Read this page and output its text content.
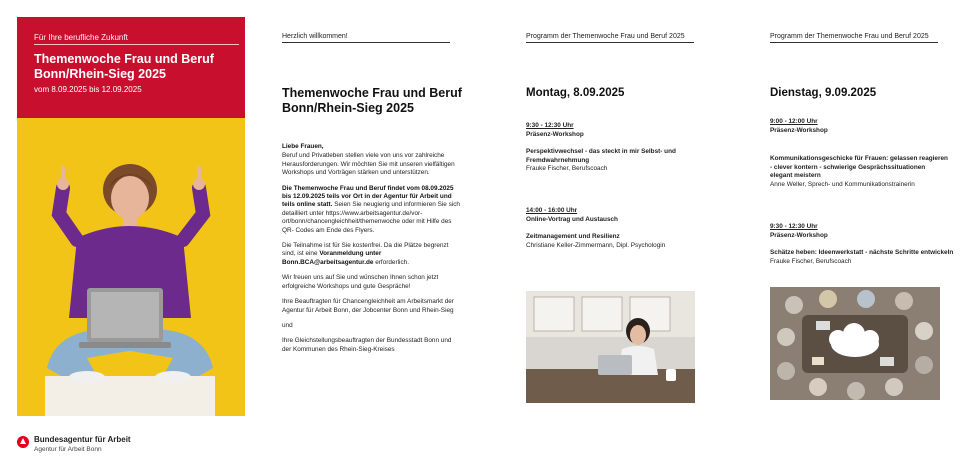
Für Ihre berufliche Zukunft
Themenwoche Frau und Beruf Bonn/Rhein-Sieg 2025
vom 8.09.2025 bis 12.09.2025
Bundesagentur für Arbeit
Agentur für Arbeit Bonn
Herzlich willkommen!
Themenwoche Frau und Beruf Bonn/Rhein-Sieg 2025

Liebe Frauen,

Beruf und Privatleben stellen viele von uns vor zahlreiche Herausforderungen. Wir möchten Sie mit unseren vielfältigen Workshops und Vorträgen stärken und unterstützen.

Die Themenwoche Frau und Beruf findet vom 08.09.2025 bis 12.09.2025 teils vor Ort in der Agentur für Arbeit und teils online statt. Seien Sie neugierig und informieren Sie sich detailliert unter https://www.arbeitsagentur.de/vor-ort/bonn/chancengleichheit/themenwoche oder mit Hilfe des QR- Codes am Ende des Flyers.

Die Teilnahme ist für Sie kostenfrei. Da die Plätze begrenzt sind, ist eine Voranmeldung unter Bonn.BCA@arbeitsagentur.de erforderlich.

Wir freuen uns auf Sie und wünschen Ihnen schon jetzt erfolgreiche Workshops und gute Gespräche!

Ihre Beauftragten für Chancengleichheit am Arbeitsmarkt der Agentur für Arbeit Bonn, der Jobcenter Bonn und Rhein-Sieg

und

Ihre Gleichstellungsbeauftragten der Bundesstadt Bonn und der Kommunen des Rhein-Sieg-Kreises

Programm der Themenwoche Frau und Beruf 2025
Montag, 8.09.2025
9:30 - 12:30 Uhr
Präsenz-Workshop
Perspektivwechsel - das steckt in mir Selbst- und Fremdwahrnehmung
Frauke Fischer, Berufscoach
14:00 - 16:00 Uhr
Online-Vortrag und Austausch
Zeitmanagement und Resilienz
Christiane Keller-Zimmermann, Dipl. Psychologin
Programm der Themenwoche Frau und Beruf 2025
Dienstag, 9.09.2025
9:00 - 12:00 Uhr
Präsenz-Workshop
Kommunikationsgeschicke für Frauen: gelassen reagieren - clever kontern - schwierige Gesprächssituationen elegant meistern
Anne Weller, Sprech- und Kommunikationstrainerin
9:30 - 12:30 Uhr
Präsenz-Workshop
Schätze heben: Ideenwerkstatt - nächste Schritte entwickeln
Frauke Fischer, Berufscoach
